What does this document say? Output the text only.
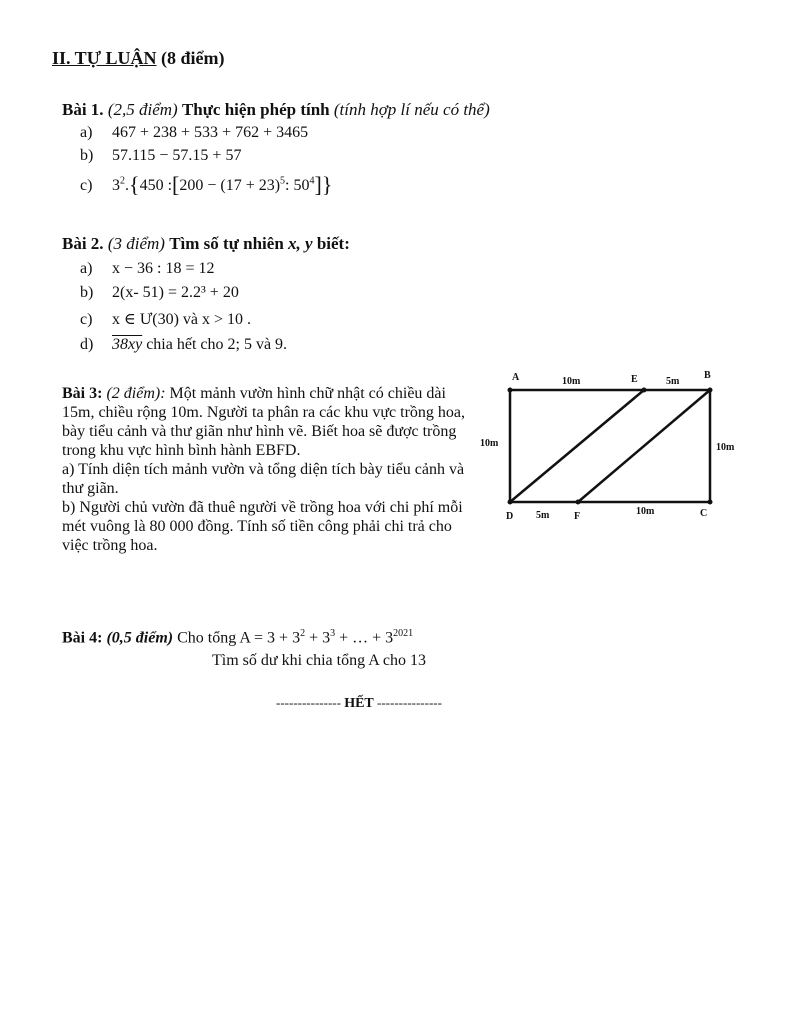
II. TỰ LUẬN (8 điểm)
Bài 1. (2,5 điểm) Thực hiện phép tính (tính hợp lí nếu có thể)
a) 467 + 238 + 533 + 762 + 3465
b) 57.115 − 57.15 + 57
c) $3^2.\{450$ :[200 − $(17 + 23)^5$: $50^4$]}
Bài 2. (3 điểm) Tìm số tự nhiên x, y biết:
a) x − 36 : 18 = 12
b) 2(x- 51) = 2.2³ + 20
c) x ∈ Ư(30) và x > 10 .
d) 38xy chia hết cho 2; 5 và 9.

Bài 3: (2 điểm): Một mảnh vườn hình chữ nhật có chiều dài 15m, chiều rộng 10m. Người ta phân ra các khu vực trồng hoa, bày tiểu cảnh và thư giãn như hình vẽ. Biết hoa sẽ được trồng trong khu vực hình bình hành EBFD.

a) Tính diện tích mảnh vườn và tổng diện tích bày tiểu cảnh và thư giãn.

b) Người chủ vườn đã thuê người về trồng hoa với chi phí mỗi mét vuông là 80 000 đồng. Tính số tiền công phải chi trả cho việc trồng hoa.

A	10m	E	5m
B
10m	10m
D 5m F	10m	C
Bài 4: (0,5 điểm) Cho tổng $A = 3 + 3^2 + 3^3$ + … + $3^{2021}$
Tìm số dư khi chia tổng A cho 13
--------------- HẾT ---------------
